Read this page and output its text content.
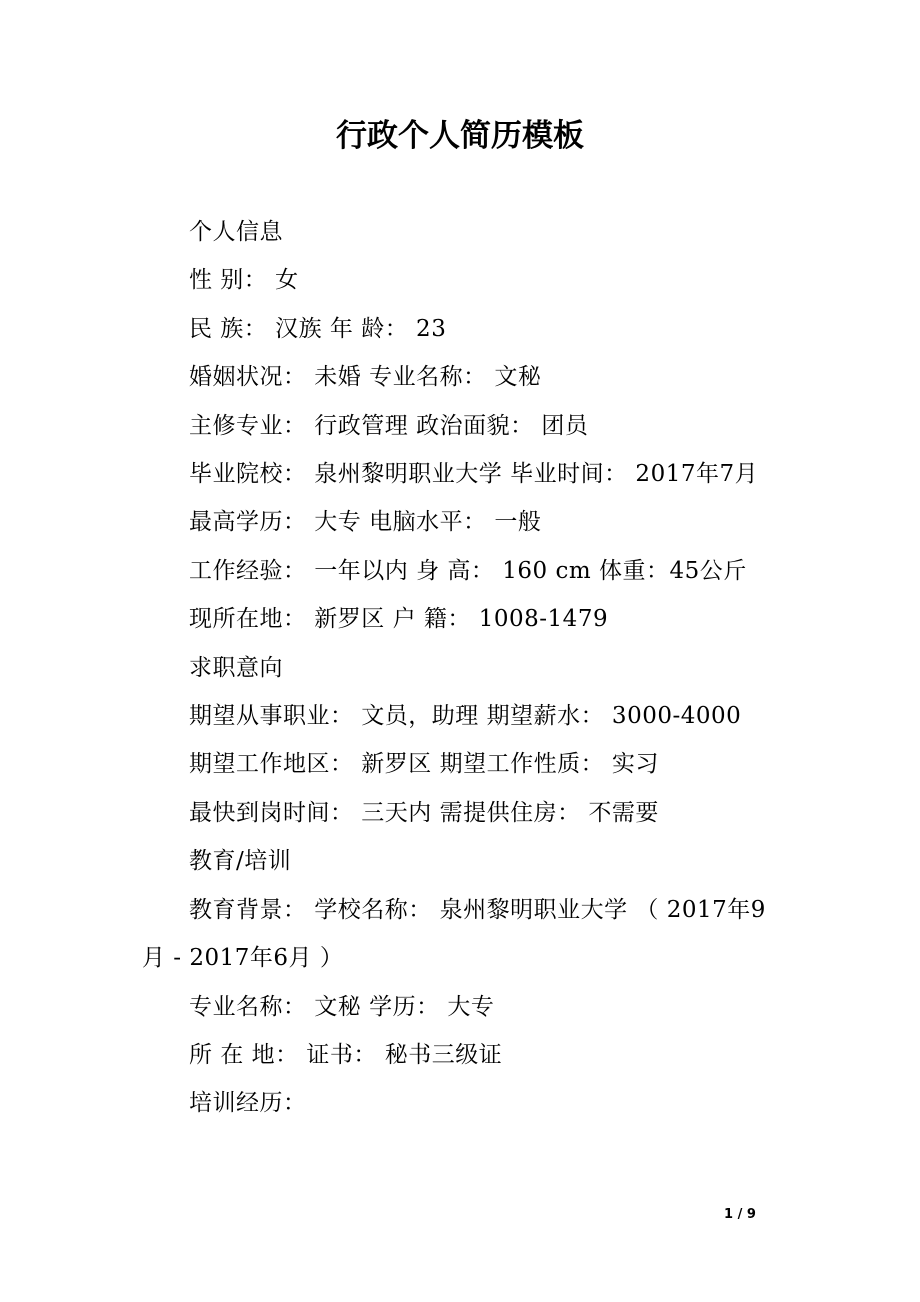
行政个人简历模板

个人信息

性 别： 女

民 族： 汉族 年 龄： 23

婚姻状况： 未婚 专业名称： 文秘

主修专业： 行政管理 政治面貌： 团员

毕业院校： 泉州黎明职业大学 毕业时间： 2017年7月

最高学历： 大专 电脑水平： 一般

工作经验： 一年以内 身 高： 160 cm 体重：45公斤

现所在地： 新罗区 户 籍： 1008-1479

求职意向

期望从事职业： 文员，助理 期望薪水： 3000-4000

期望工作地区： 新罗区 期望工作性质： 实习

最快到岗时间： 三天内 需提供住房： 不需要

教育/培训

教育背景： 学校名称： 泉州黎明职业大学 （ 2017年9月 - 2017年6月 ）

专业名称： 文秘 学历： 大专

所 在 地： 证书： 秘书三级证

培训经历：

1 / 9
